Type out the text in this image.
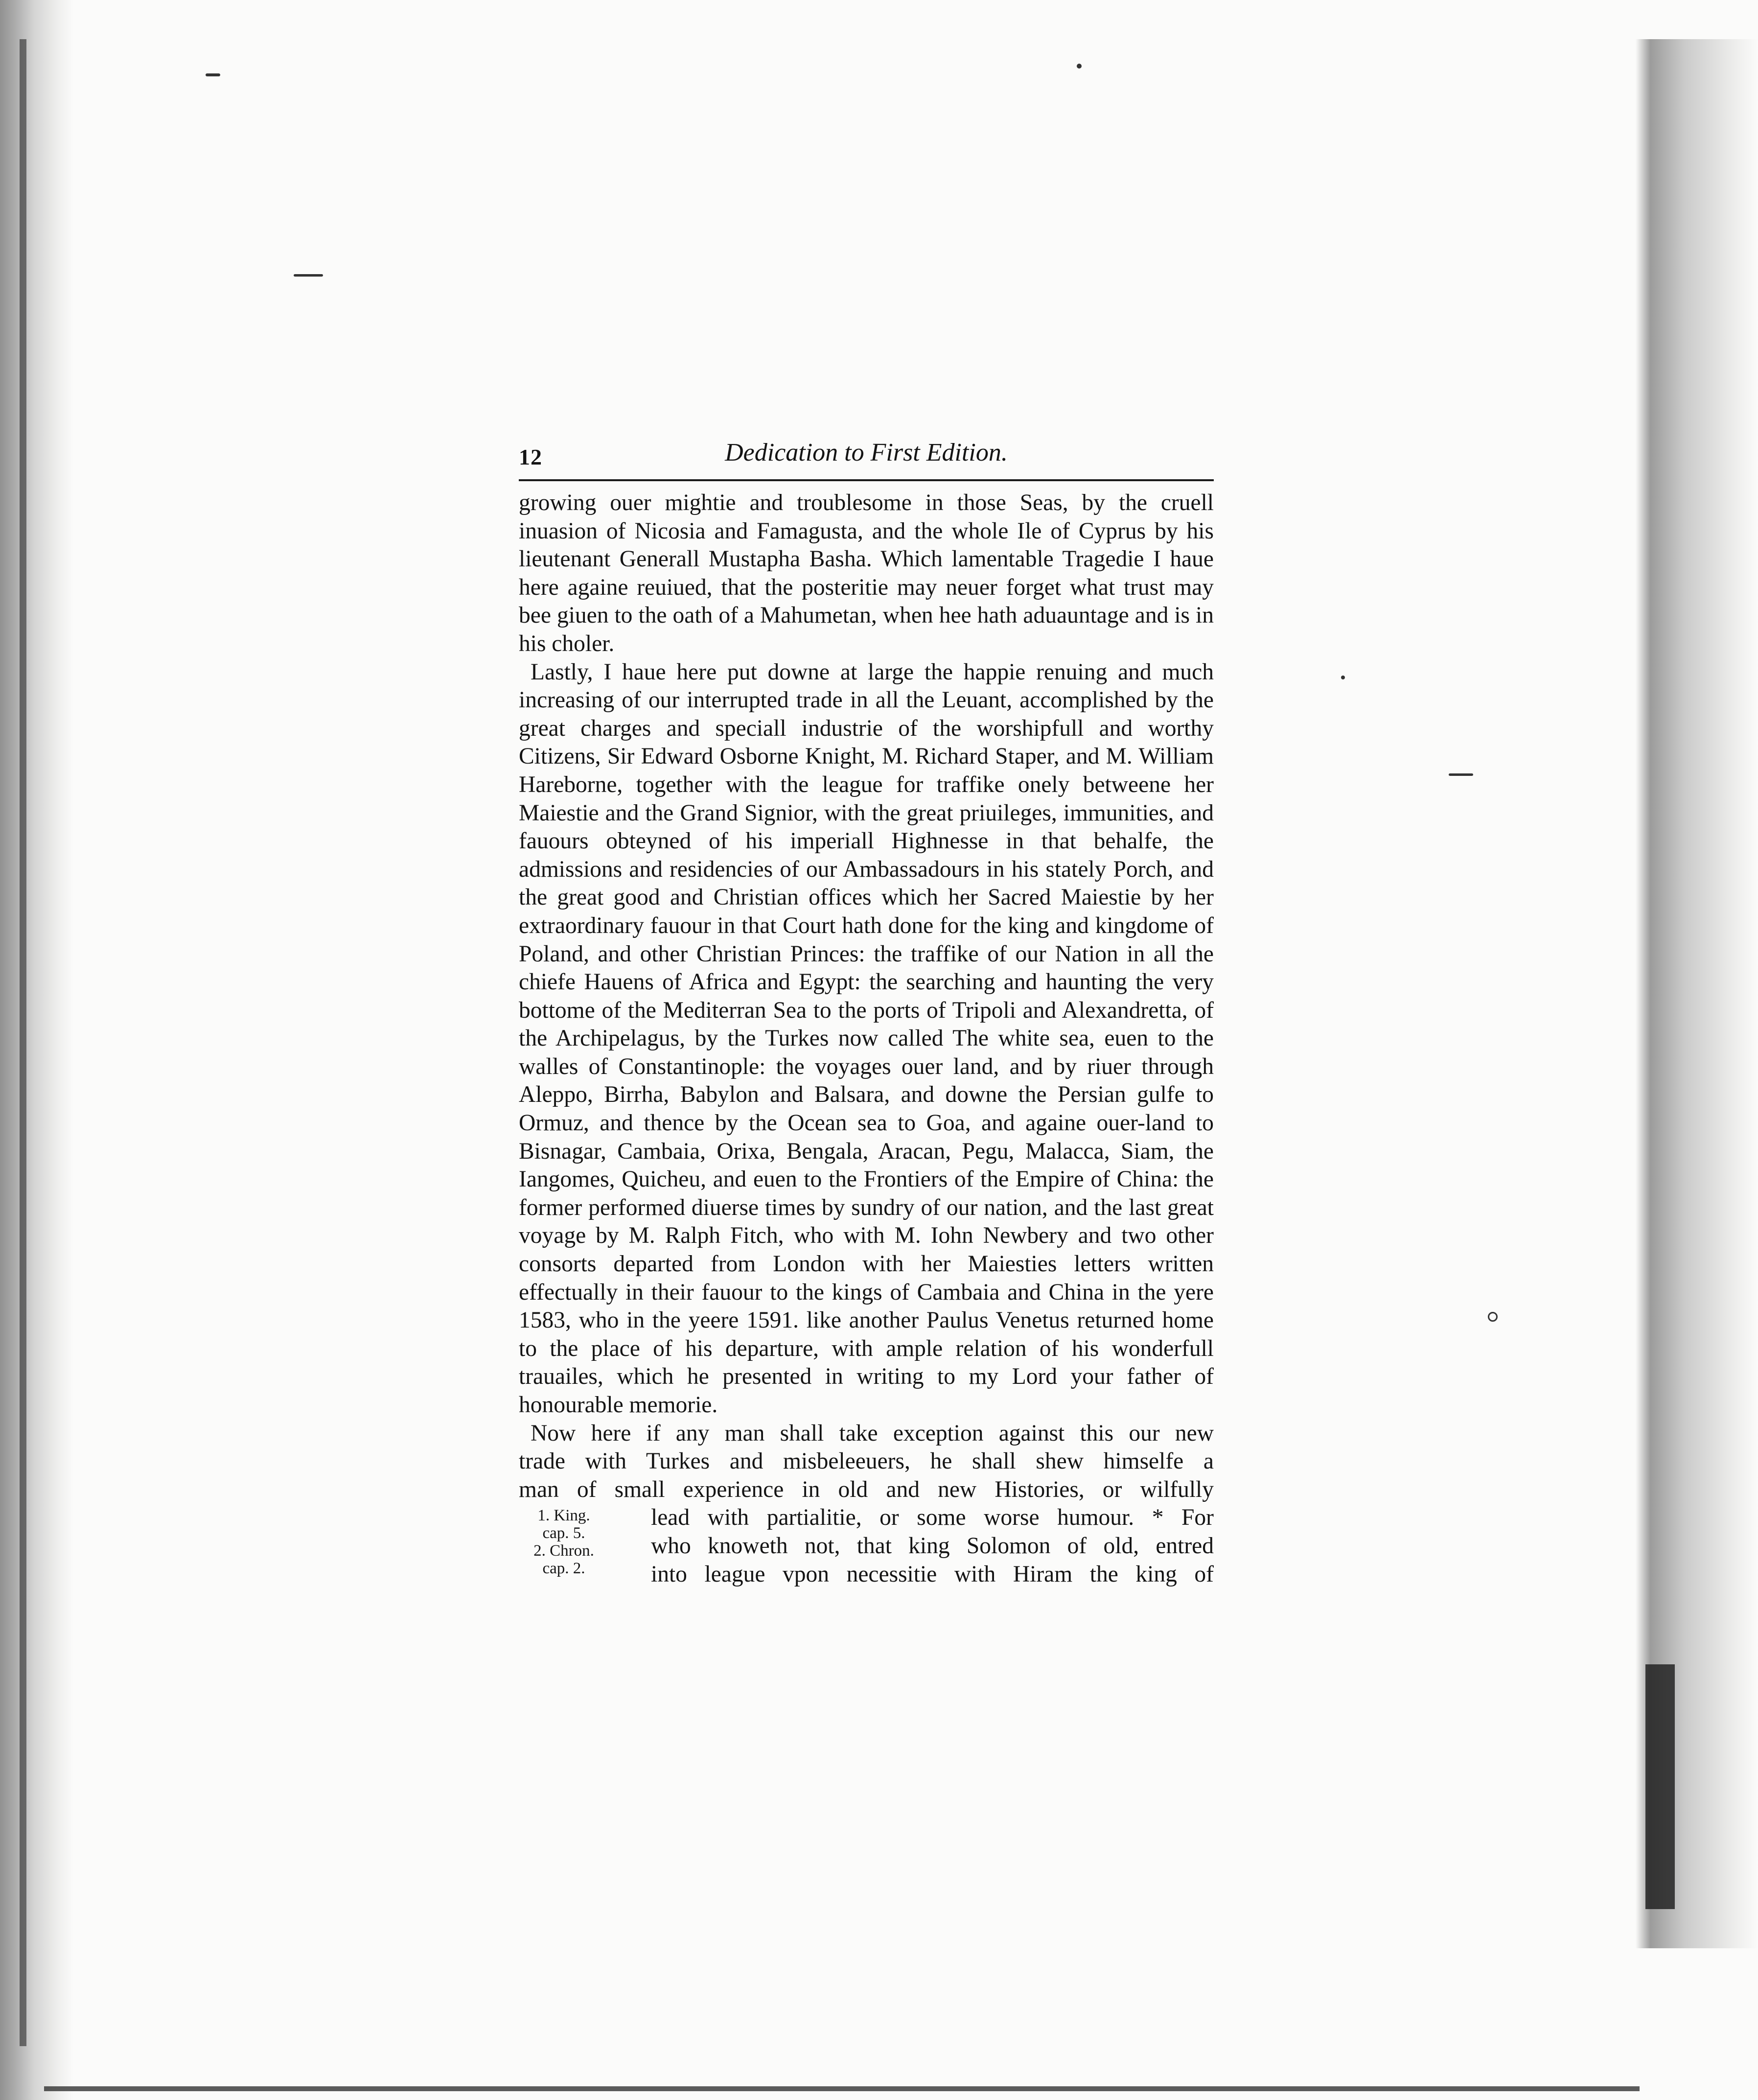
12	Dedication to First Edition.

growing ouer mightie and troublesome in those Seas, by the cruell inuasion of Nicosia and Famagusta, and the whole Ile of Cyprus by his lieutenant Generall Mustapha Basha. Which lamentable Tragedie I haue here againe reuiued, that the posteritie may neuer forget what trust may bee giuen to the oath of a Mahumetan, when hee hath aduauntage and is in his choler.

Lastly, I haue here put downe at large the happie renuing and much increasing of our interrupted trade in all the Leuant, accomplished by the great charges and speciall industrie of the worshipfull and worthy Citizens, Sir Edward Osborne Knight, M. Richard Staper, and M. William Hareborne, together with the league for traffike onely betweene her Maiestie and the Grand Signior, with the great priuileges, immunities, and fauours obteyned of his imperiall Highnesse in that behalfe, the admissions and residencies of our Ambassadours in his stately Porch, and the great good and Christian offices which her Sacred Maiestie by her extraordinary fauour in that Court hath done for the king and kingdome of Poland, and other Christian Princes: the traffike of our Nation in all the chiefe Hauens of Africa and Egypt: the searching and haunting the very bottome of the Mediterran Sea to the ports of Tripoli and Alexandretta, of the Archipelagus, by the Turkes now called The white sea, euen to the walles of Constantinople: the voyages ouer land, and by riuer through Aleppo, Birrha, Babylon and Balsara, and downe the Persian gulfe to Ormuz, and thence by the Ocean sea to Goa, and againe ouer-land to Bisnagar, Cambaia, Orixa, Bengala, Aracan, Pegu, Malacca, Siam, the Iangomes, Quicheu, and euen to the Frontiers of the Empire of China: the former performed diuerse times by sundry of our nation, and the last great voyage by M. Ralph Fitch, who with M. Iohn Newbery and two other consorts departed from London with her Maiesties letters written effectually in their fauour to the kings of Cambaia and China in the yere 1583, who in the yeere 1591. like another Paulus Venetus returned home to the place of his departure, with ample relation of his wonderfull trauailes, which he presented in writing to my Lord your father of honourable memorie.

Now here if any man shall take exception against this our new
trade with Turkes and misbeleeuers, he shall shew himselfe a
man of small experience in old and new Histories, or wilfully
1. King.
cap. 5.
2. Chron.
cap. 2.
lead with partialitie, or some worse humour. * For
who knoweth not, that king Solomon of old, entred
into league vpon necessitie with Hiram the king of
